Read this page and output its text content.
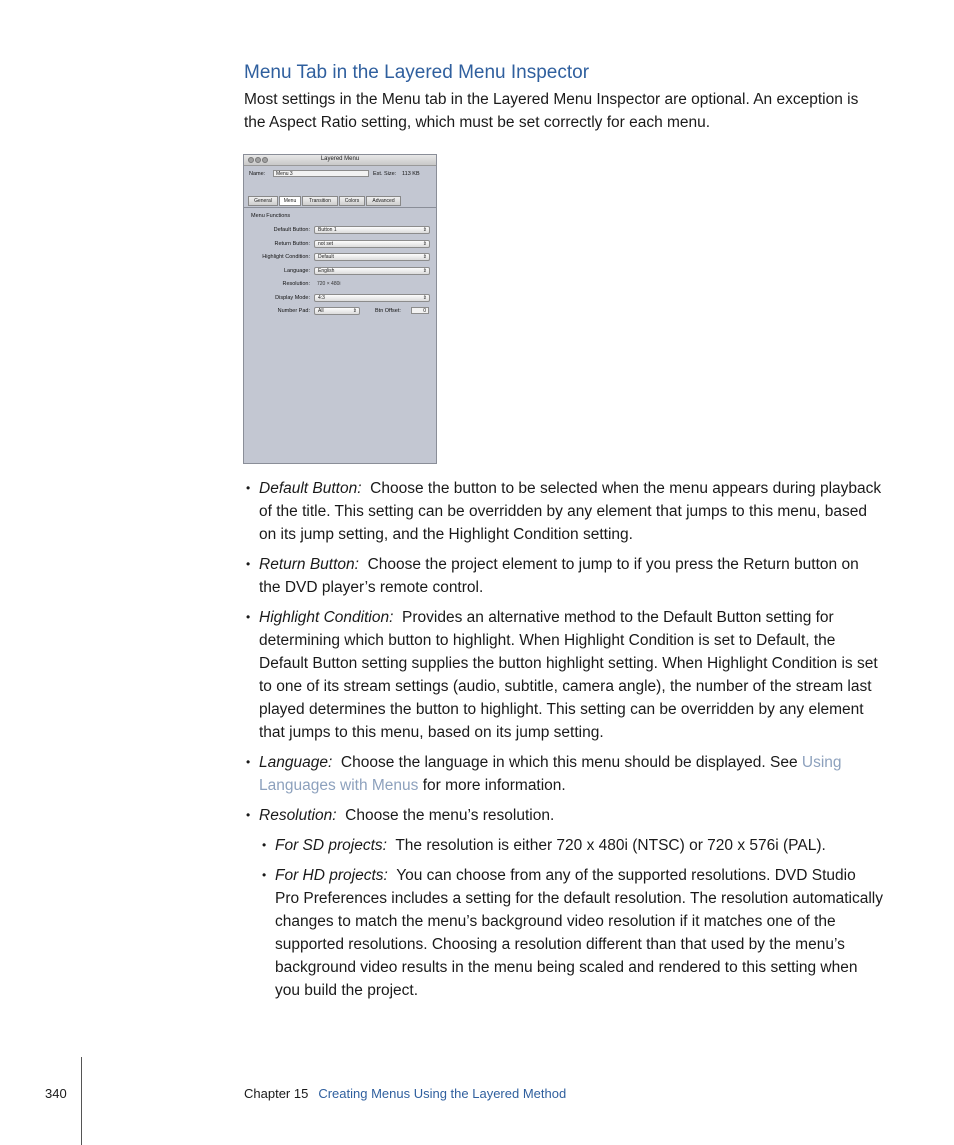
Menu Tab in the Layered Menu Inspector

Most settings in the Menu tab in the Layered Menu Inspector are optional. An exception is the Aspect Ratio setting, which must be set correctly for each menu.

Layered Menu
Name:	Menu 3	Est. Size: 113 KB
General	Menu	Transition	Colors	Advanced
Menu Functions
Default Button:	Button 1	⇕
Return Button:	not set	⇕
Highlight Condition:	Default	⇕
Language:	English	⇕
Resolution:	720 × 480i
Display Mode:	4:3	⇕
Number Pad:	All	⇕	Btn Offset:	0
• Default Button: Choose the button to be selected when the menu appears during playback of the title. This setting can be overridden by any element that jumps to this menu, based on its jump setting, and the Highlight Condition setting.
• Return Button: Choose the project element to jump to if you press the Return button on the DVD player’s remote control.
• Highlight Condition: Provides an alternative method to the Default Button setting for determining which button to highlight. When Highlight Condition is set to Default, the Default Button setting supplies the button highlight setting. When Highlight Condition is set to one of its stream settings (audio, subtitle, camera angle), the number of the stream last played determines the button to highlight. This setting can be overridden by any element that jumps to this menu, based on its jump setting.
• Language: Choose the language in which this menu should be displayed. See Using Languages with Menus for more information.
• Resolution: Choose the menu’s resolution.
• For SD projects: The resolution is either 720 x 480i (NTSC) or 720 x 576i (PAL).
• For HD projects: You can choose from any of the supported resolutions. DVD Studio Pro Preferences includes a setting for the default resolution. The resolution automatically changes to match the menu’s background video resolution if it matches one of the supported resolutions. Choosing a resolution different than that used by the menu’s background video results in the menu being scaled and rendered to this setting when you build the project.
340	Chapter 15 Creating Menus Using the Layered Method
